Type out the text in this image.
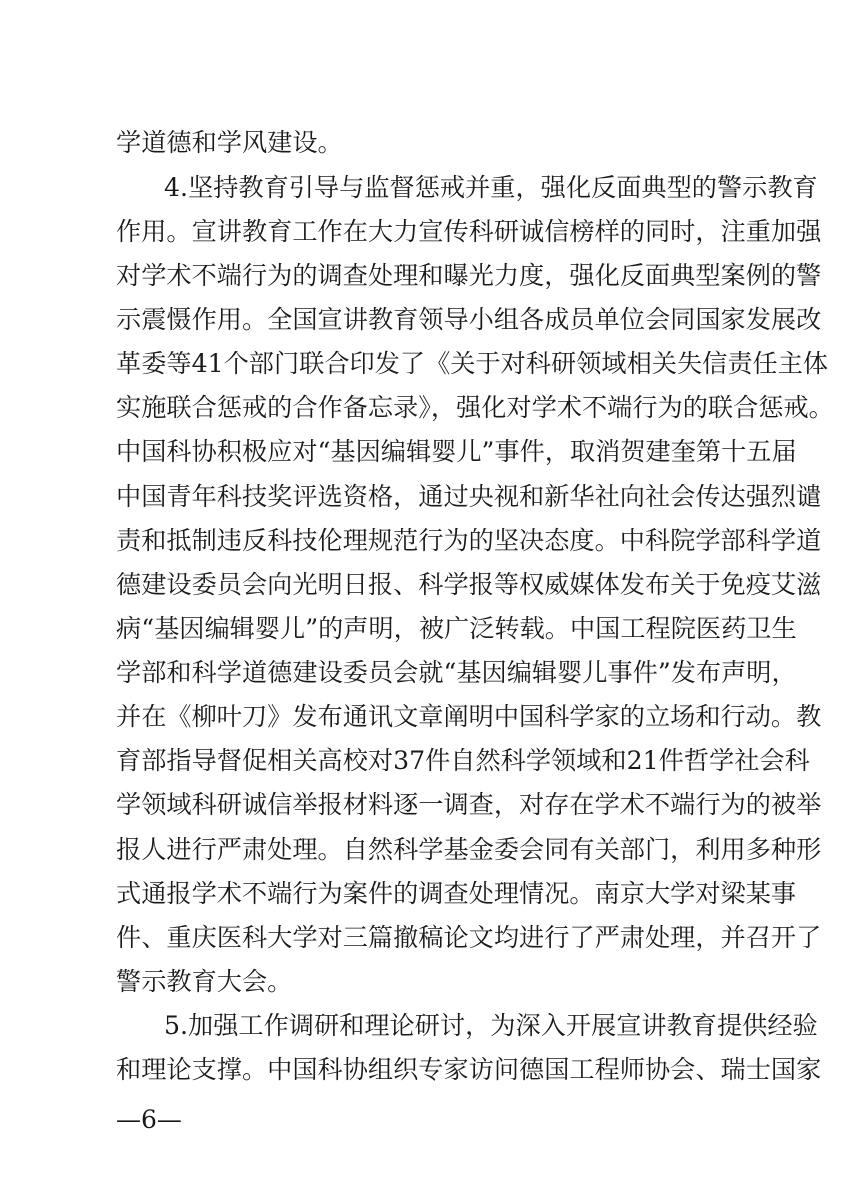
学道德和学风建设。
4.坚持教育引导与监督惩戒并重，强化反面典型的警示教育
作用。宣讲教育工作在大力宣传科研诚信榜样的同时，注重加强
对学术不端行为的调查处理和曝光力度，强化反面典型案例的警
示震慑作用。全国宣讲教育领导小组各成员单位会同国家发展改
革委等41个部门联合印发了《关于对科研领域相关失信责任主体
实施联合惩戒的合作备忘录》，强化对学术不端行为的联合惩戒。
中国科协积极应对“基因编辑婴儿”事件，取消贺建奎第十五届
中国青年科技奖评选资格，通过央视和新华社向社会传达强烈谴
责和抵制违反科技伦理规范行为的坚决态度。中科院学部科学道
德建设委员会向光明日报、科学报等权威媒体发布关于免疫艾滋
病“基因编辑婴儿”的声明，被广泛转载。中国工程院医药卫生
学部和科学道德建设委员会就“基因编辑婴儿事件”发布声明，
并在《柳叶刀》发布通讯文章阐明中国科学家的立场和行动。教
育部指导督促相关高校对37件自然科学领域和21件哲学社会科
学领域科研诚信举报材料逐一调查，对存在学术不端行为的被举
报人进行严肃处理。自然科学基金委会同有关部门，利用多种形
式通报学术不端行为案件的调查处理情况。南京大学对梁某事
件、重庆医科大学对三篇撤稿论文均进行了严肃处理，并召开了
警示教育大会。
5.加强工作调研和理论研讨，为深入开展宣讲教育提供经验
和理论支撑。中国科协组织专家访问德国工程师协会、瑞士国家
—6—
